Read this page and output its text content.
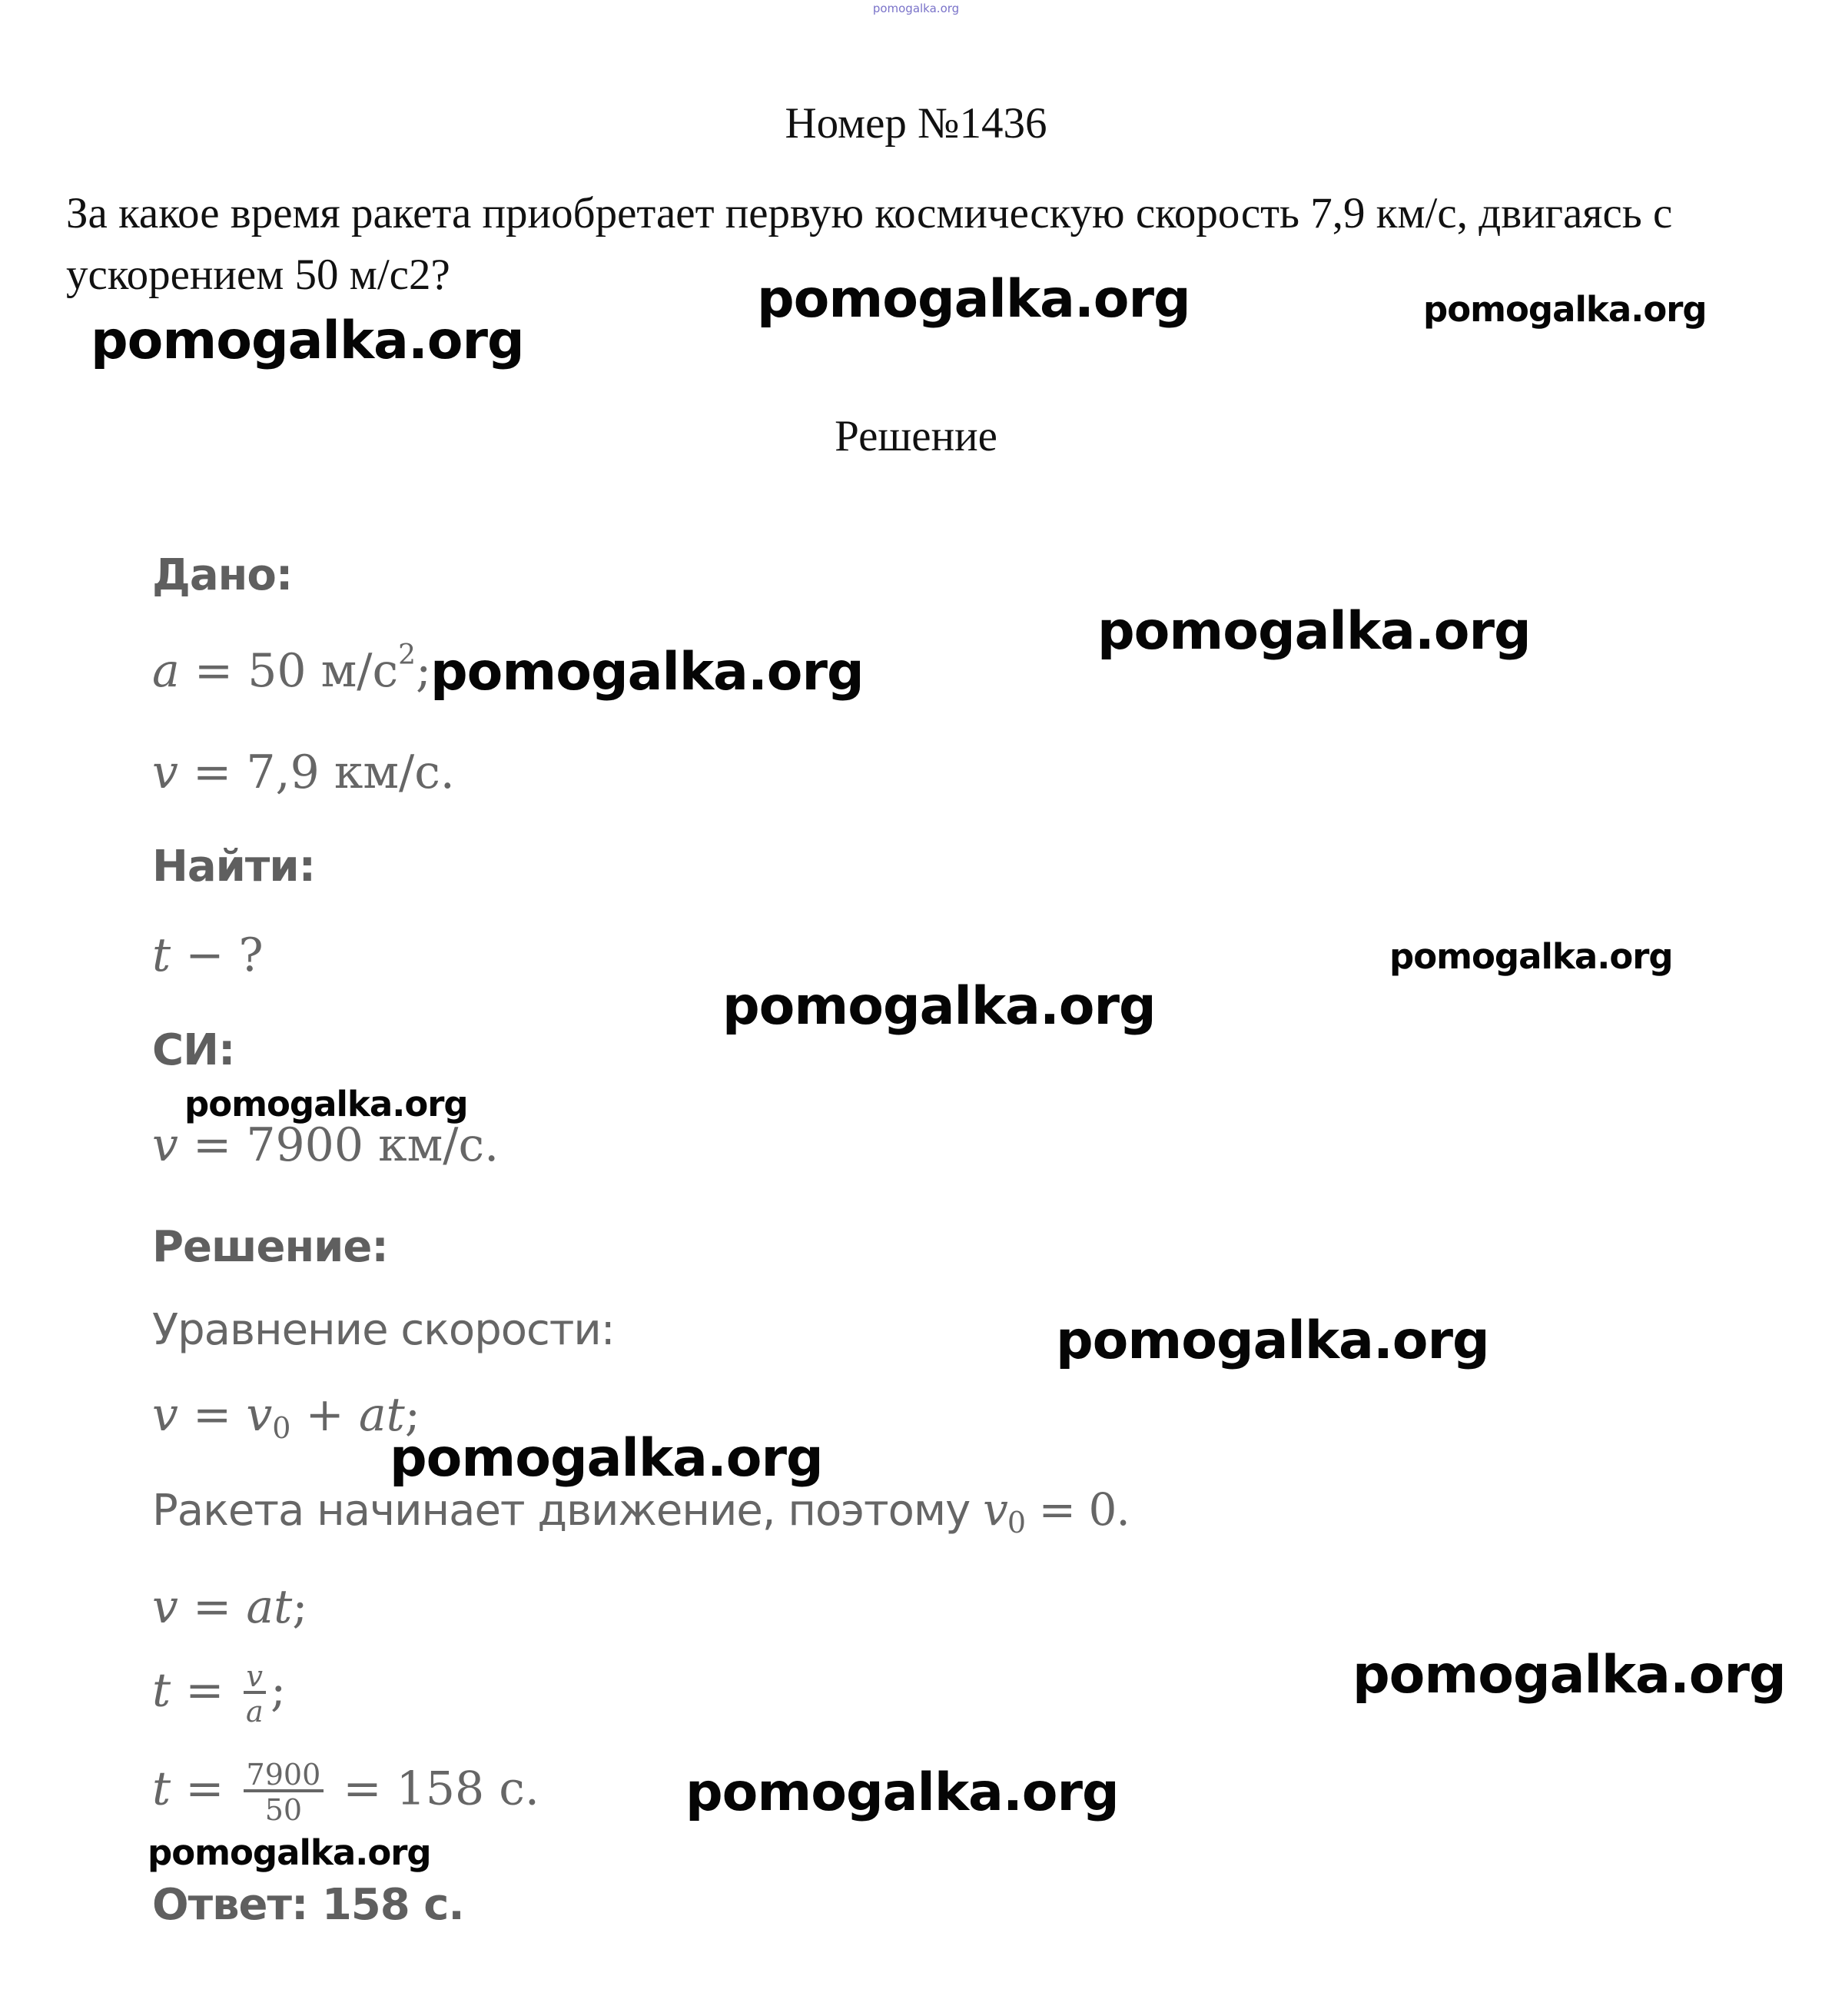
pomogalka.org
Номер №1436
За какое время ракета приобретает первую космическую скорость 7,9 км/с, двигаясь с ускорением 50 м/с2?
Решение
Дано:
a = 50 $м/с^2$;
v = 7,9 км/с.
Найти:
t − ?
СИ:
v = 7900 км/с.
Решение:
Уравнение скорости:
$v = v_0$ + at;
Ракета начинает движение, поэтому $v_0 = 0$.
v = at;
$t = \frac{v}{a}$ ;
$t = \frac{7900}{50} = 158$ с.
Ответ: 158 с.
pomogalka.org	pomogalka.org
pomogalka.org
pomogalka.org
pomogalka.org
pomogalka.org
pomogalka.org
pomogalka.org
pomogalka.org
pomogalka.org
pomogalka.org
pomogalka.org
pomogalka.org
